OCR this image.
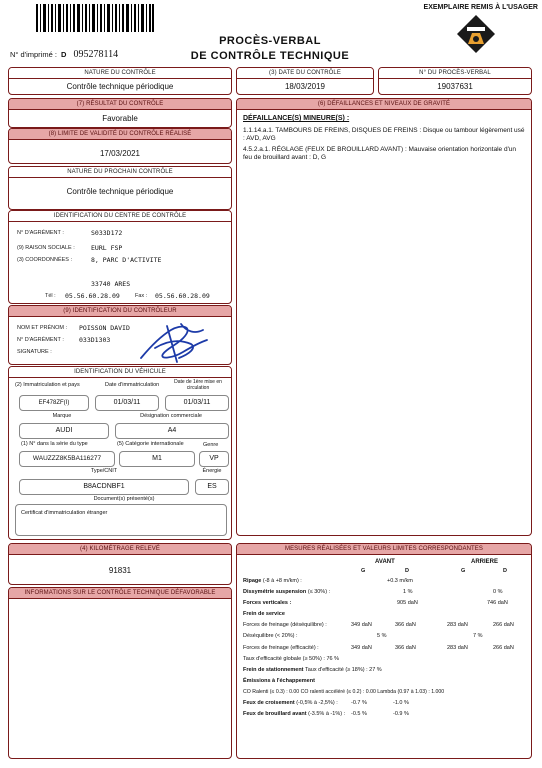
EXEMPLAIRE REMIS À L'USAGER
PROCÈS-VERBAL
DE CONTRÔLE TECHNIQUE
N° d'imprimé : D 095278114
NATURE DU CONTRÔLE
Contrôle technique périodique
(3) DATE DU CONTRÔLE
18/03/2019
N° DU PROCÈS-VERBAL
19037631
(7) RÉSULTAT DU CONTRÔLE
Favorable
(8) LIMITE DE VALIDITÉ DU CONTRÔLE RÉALISÉ
17/03/2021
NATURE DU PROCHAIN CONTRÔLE
Contrôle technique périodique
(6) DÉFAILLANCES ET NIVEAUX DE GRAVITÉ
DÉFAILLANCE(S) MINEURE(S) :
1.1.14.a.1. TAMBOURS DE FREINS, DISQUES DE FREINS : Disque ou tambour légèrement usé : AVD, AVG
4.5.2.a.1. RÉGLAGE (FEUX DE BROUILLARD AVANT) : Mauvaise orientation horizontale d'un feu de brouillard avant : D, G
IDENTIFICATION DU CENTRE DE CONTRÔLE
N° D'AGRÉMENT :	S033D172
(9) RAISON SOCIALE : EURL FSP
(3) COORDONNÉES :	8, PARC D'ACTIVITE
33740 ARES
Tél : 05.56.60.28.09	Fax : 05.56.60.28.09
(9) IDENTIFICATION DU CONTRÔLEUR
NOM ET PRÉNOM : POISSON DAVID
N° D'AGRÉMENT : 033D1303
SIGNATURE :
IDENTIFICATION DU VÉHICULE
(2) Immatriculation et pays	Date d'immatriculation	Date de 1ère mise en circulation
EF478ZF(I)	01/03/11	01/03/11
Marque	Désignation commerciale
AUDI	A4
(1) N° dans la série du type	(5) Catégorie internationale	Genre
WAUZZZ8K5BA116277	M1	VP
Type/CNIT	Énergie
B8ACDNBF1	ES
Document(s) présenté(s)
Certificat d'immatriculation étranger
(4) KILOMÉTRAGE RELEVÉ
91831
INFORMATIONS SUR LE CONTRÔLE TECHNIQUE DÉFAVORABLE
MESURES RÉALISÉES ET VALEURS LIMITES CORRESPONDANTES
AVANT	ARRIERE
G	D	G	D
Ripage (-8 à +8 m/km) :	+0.3 m/km
Dissymétrie suspension (≤ 30%) :	1 %	0 %
Forces verticales :	905 daN	746 daN
Frein de service
Forces de freinage (déséquilibre) :	349 daN	366 daN	283 daN	266 daN
Déséquilibre (< 20%) :	5 %	7 %
Forces de freinage (efficacité) :	349 daN	366 daN	283 daN	266 daN
Taux d'efficacité globale (≥ 50%) : 76 %
Frein de stationnement Taux d'efficacité (≥ 18%) : 27 %
Émissions à l'échappement
CO Ralenti (≤ 0.3) : 0.00 CO ralenti accéléré (≤ 0.2) : 0.00 Lambda (0.97 à 1.03) : 1.000
Feux de croisement (-0,5% à -2,5%) : -0.7 %	-1.0 %
Feux de brouillard avant (-3.5% à -1%) : -0.5 %	-0.9 %
